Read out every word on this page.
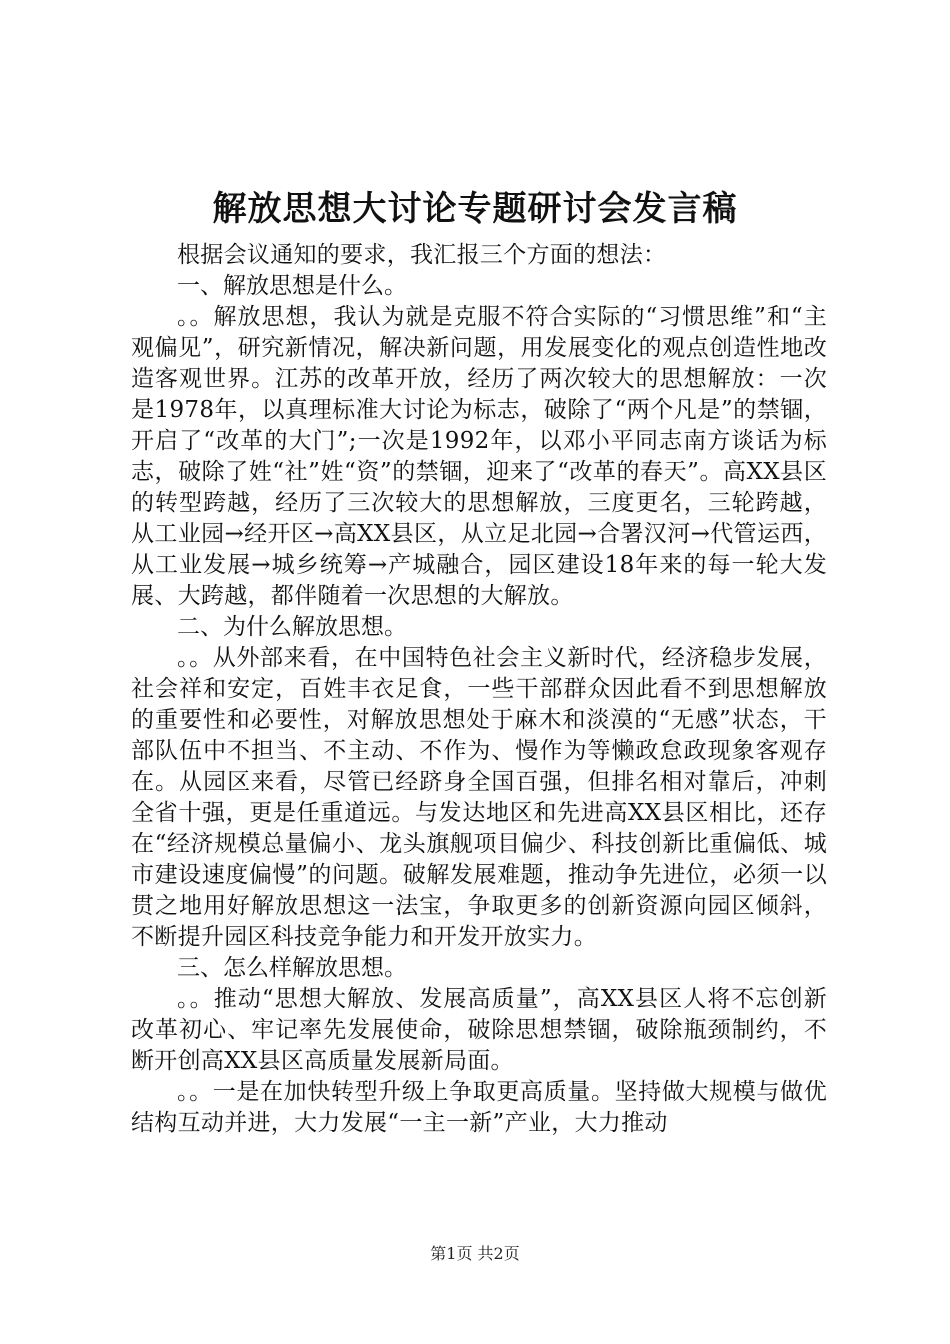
解放思想大讨论专题研讨会发言稿

根据会议通知的要求，我汇报三个方面的想法：

一、解放思想是什么。

。。解放思想，我认为就是克服不符合实际的“习惯思维”和“主观偏见”，研究新情况，解决新问题，用发展变化的观点创造性地改造客观世界。江苏的改革开放，经历了两次较大的思想解放：一次是1978年，以真理标准大讨论为标志，破除了“两个凡是”的禁锢，开启了“改革的大门”;一次是1992年，以邓小平同志南方谈话为标志，破除了姓“社”姓“资”的禁锢，迎来了“改革的春天”。高XX县区的转型跨越，经历了三次较大的思想解放，三度更名，三轮跨越，从工业园→经开区→高XX县区，从立足北园→合署汉河→代管运西，从工业发展→城乡统筹→产城融合，园区建设18年来的每一轮大发展、大跨越，都伴随着一次思想的大解放。

二、为什么解放思想。

。。从外部来看，在中国特色社会主义新时代，经济稳步发展，社会祥和安定，百姓丰衣足食，一些干部群众因此看不到思想解放的重要性和必要性，对解放思想处于麻木和淡漠的“无感”状态，干部队伍中不担当、不主动、不作为、慢作为等懒政怠政现象客观存在。从园区来看，尽管已经跻身全国百强，但排名相对靠后，冲刺全省十强，更是任重道远。与发达地区和先进高XX县区相比，还存在“经济规模总量偏小、龙头旗舰项目偏少、科技创新比重偏低、城市建设速度偏慢”的问题。破解发展难题，推动争先进位，必须一以贯之地用好解放思想这一法宝，争取更多的创新资源向园区倾斜，不断提升园区科技竞争能力和开发开放实力。

三、怎么样解放思想。

。。推动“思想大解放、发展高质量”，高XX县区人将不忘创新改革初心、牢记率先发展使命，破除思想禁锢，破除瓶颈制约，不断开创高XX县区高质量发展新局面。

。。一是在加快转型升级上争取更高质量。坚持做大规模与做优结构互动并进，大力发展“一主一新”产业，大力推动

第1页 共2页
